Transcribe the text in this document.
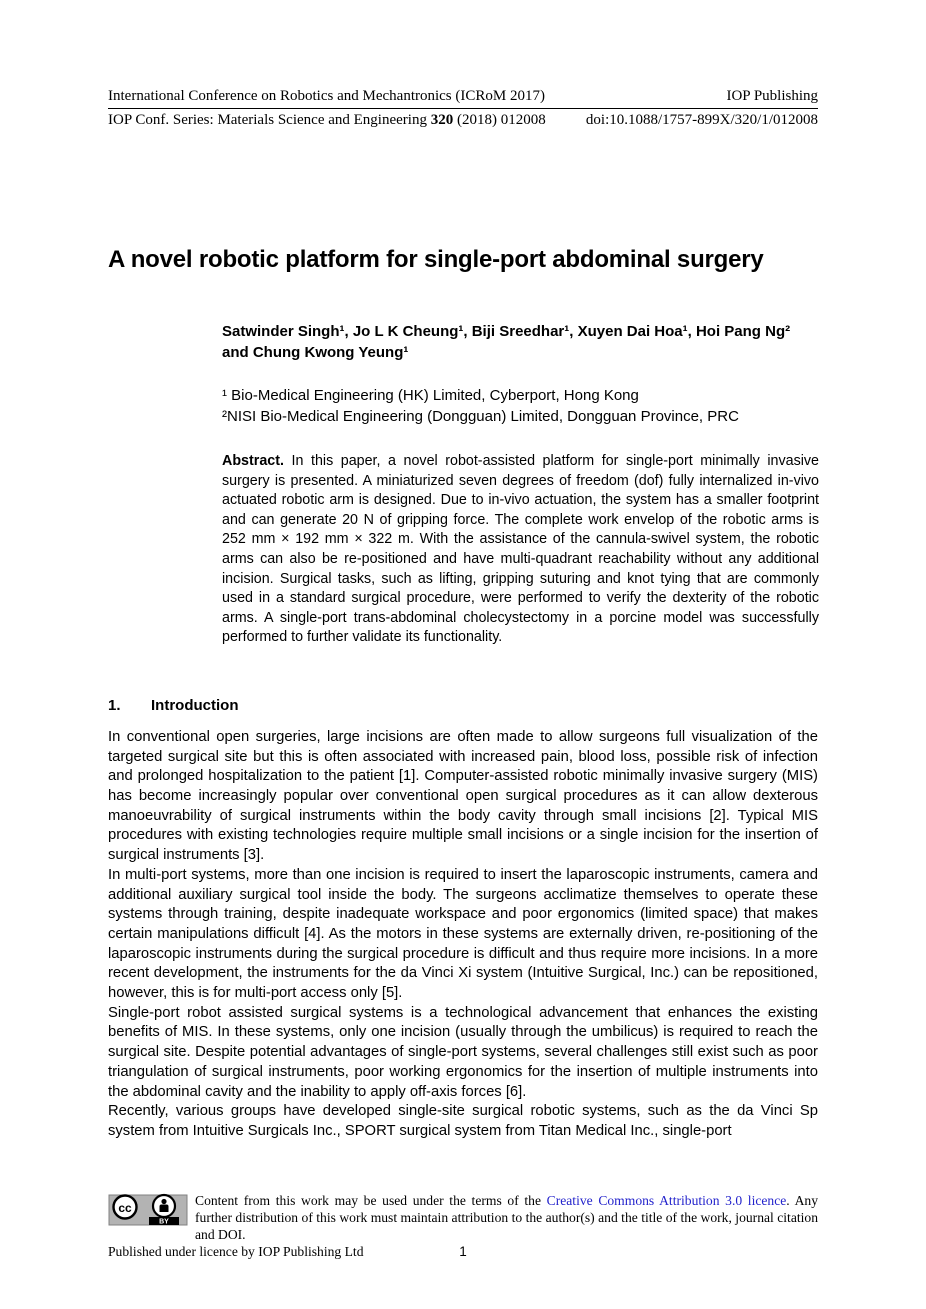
International Conference on Robotics and Mechantronics (ICRoM 2017)	IOP Publishing
IOP Conf. Series: Materials Science and Engineering 320 (2018) 012008	doi:10.1088/1757-899X/320/1/012008
A novel robotic platform for single-port abdominal surgery
Satwinder Singh¹, Jo L K Cheung¹, Biji Sreedhar¹, Xuyen Dai Hoa¹, Hoi Pang Ng² and Chung Kwong Yeung¹
¹ Bio-Medical Engineering (HK) Limited, Cyberport, Hong Kong
²NISI Bio-Medical Engineering (Dongguan) Limited, Dongguan Province, PRC
Abstract. In this paper, a novel robot-assisted platform for single-port minimally invasive surgery is presented. A miniaturized seven degrees of freedom (dof) fully internalized in-vivo actuated robotic arm is designed. Due to in-vivo actuation, the system has a smaller footprint and can generate 20 N of gripping force. The complete work envelop of the robotic arms is 252 mm × 192 mm × 322 m. With the assistance of the cannula-swivel system, the robotic arms can also be re-positioned and have multi-quadrant reachability without any additional incision. Surgical tasks, such as lifting, gripping suturing and knot tying that are commonly used in a standard surgical procedure, were performed to verify the dexterity of the robotic arms. A single-port trans-abdominal cholecystectomy in a porcine model was successfully performed to further validate its functionality.
1. Introduction

In conventional open surgeries, large incisions are often made to allow surgeons full visualization of the targeted surgical site but this is often associated with increased pain, blood loss, possible risk of infection and prolonged hospitalization to the patient [1]. Computer-assisted robotic minimally invasive surgery (MIS) has become increasingly popular over conventional open surgical procedures as it can allow dexterous manoeuvrability of surgical instruments within the body cavity through small incisions [2]. Typical MIS procedures with existing technologies require multiple small incisions or a single incision for the insertion of surgical instruments [3].

In multi-port systems, more than one incision is required to insert the laparoscopic instruments, camera and additional auxiliary surgical tool inside the body. The surgeons acclimatize themselves to operate these systems through training, despite inadequate workspace and poor ergonomics (limited space) that makes certain manipulations difficult [4]. As the motors in these systems are externally driven, re-positioning of the laparoscopic instruments during the surgical procedure is difficult and thus require more incisions. In a more recent development, the instruments for the da Vinci Xi system (Intuitive Surgical, Inc.) can be repositioned, however, this is for multi-port access only [5].

Single-port robot assisted surgical systems is a technological advancement that enhances the existing benefits of MIS. In these systems, only one incision (usually through the umbilicus) is required to reach the surgical site. Despite potential advantages of single-port systems, several challenges still exist such as poor triangulation of surgical instruments, poor working ergonomics for the insertion of multiple instruments into the abdominal cavity and the inability to apply off-axis forces [6].

Recently, various groups have developed single-site surgical robotic systems, such as the da Vinci Sp system from Intuitive Surgicals Inc., SPORT surgical system from Titan Medical Inc., single-port

cc
BY
Content from this work may be used under the terms of the Creative Commons Attribution 3.0 licence. Any further distribution of this work must maintain attribution to the author(s) and the title of the work, journal citation and DOI.
Published under licence by IOP Publishing Ltd	1
